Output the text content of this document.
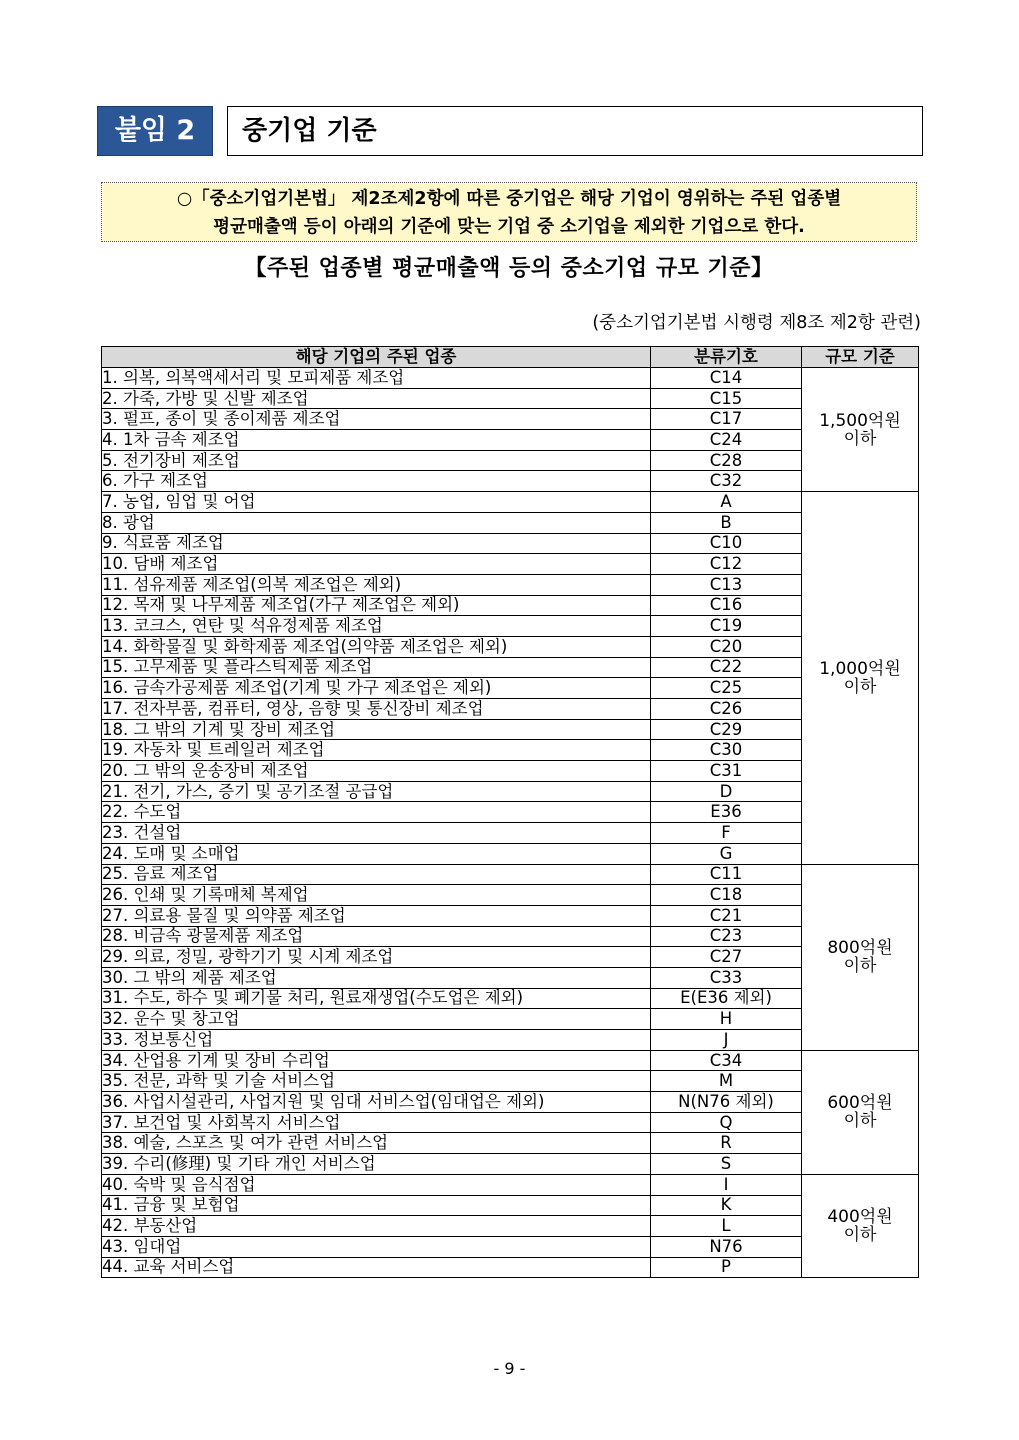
붙임 2	중기업 기준
○「중소기업기본법」 제2조제2항에 따른 중기업은 해당 기업이 영위하는 주된 업종별
평균매출액 등이 아래의 기준에 맞는 기업 중 소기업을 제외한 기업으로 한다.
【주된 업종별 평균매출액 등의 중소기업 규모 기준】
(중소기업기본법 시행령 제8조 제2항 관련)
해당 기업의 주된 업종	분류기호	규모 기준
1. 의복, 의복액세서리 및 모피제품 제조업	C14	1,500억원
이하

2. 가죽, 가방 및 신발 제조업	C15	
3. 펄프, 종이 및 종이제품 제조업	C17	
4. 1차 금속 제조업	C24	
5. 전기장비 제조업	C28	
6. 가구 제조업	C32	
7. 농업, 임업 및 어업	A	1,000억원
이하

8. 광업	B	
9. 식료품 제조업	C10	
10. 담배 제조업	C12	
11. 섬유제품 제조업(의복 제조업은 제외)	C13	
12. 목재 및 나무제품 제조업(가구 제조업은 제외)	C16	
13. 코크스, 연탄 및 석유정제품 제조업	C19	
14. 화학물질 및 화학제품 제조업(의약품 제조업은 제외)	C20	
15. 고무제품 및 플라스틱제품 제조업	C22	
16. 금속가공제품 제조업(기계 및 가구 제조업은 제외)	C25	
17. 전자부품, 컴퓨터, 영상, 음향 및 통신장비 제조업	C26	
18. 그 밖의 기계 및 장비 제조업	C29	
19. 자동차 및 트레일러 제조업	C30	
20. 그 밖의 운송장비 제조업	C31	
21. 전기, 가스, 증기 및 공기조절 공급업	D	
22. 수도업	E36	
23. 건설업	F	
24. 도매 및 소매업	G	
25. 음료 제조업	C11	800억원
이하

26. 인쇄 및 기록매체 복제업	C18	
27. 의료용 물질 및 의약품 제조업	C21	
28. 비금속 광물제품 제조업	C23	
29. 의료, 정밀, 광학기기 및 시계 제조업	C27	
30. 그 밖의 제품 제조업	C33	
31. 수도, 하수 및 폐기물 처리, 원료재생업(수도업은 제외)	E(E36 제외)	
32. 운수 및 창고업	H	
33. 정보통신업	J	
34. 산업용 기계 및 장비 수리업	C34	600억원
이하

35. 전문, 과학 및 기술 서비스업	M	
36. 사업시설관리, 사업지원 및 임대 서비스업(임대업은 제외)	N(N76 제외)	
37. 보건업 및 사회복지 서비스업	Q	
38. 예술, 스포츠 및 여가 관련 서비스업	R	
39. 수리(修理) 및 기타 개인 서비스업	S	
40. 숙박 및 음식점업	I	400억원
이하

41. 금융 및 보험업	K	
42. 부동산업	L	
43. 임대업	N76	
44. 교육 서비스업	P	
- 9 -
